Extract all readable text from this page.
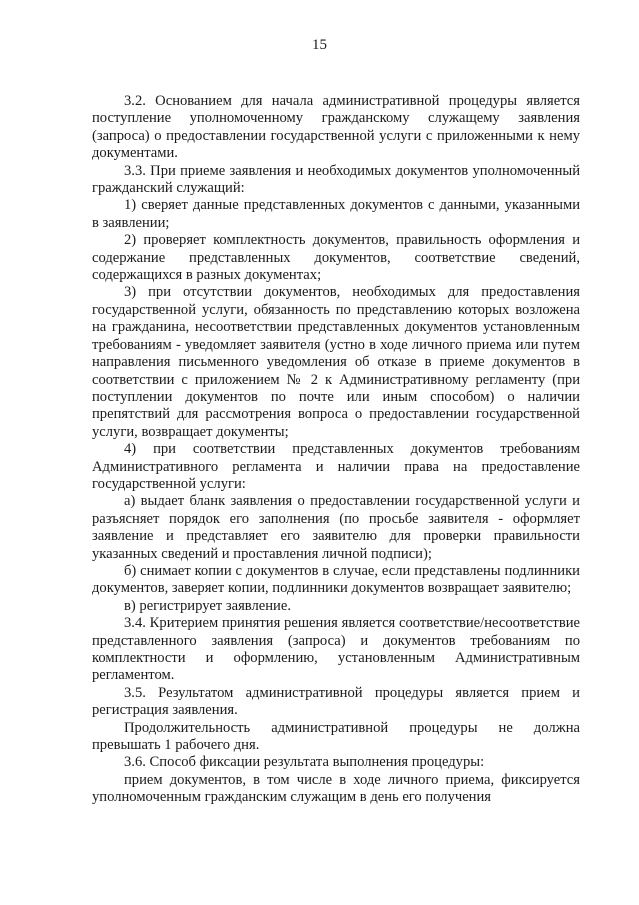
15

3.2. Основанием для начала административной процедуры является поступление уполномоченному гражданскому служащему заявления (запроса) о предоставлении государственной услуги с приложенными к нему документами.

3.3. При приеме заявления и необходимых документов уполномоченный гражданский служащий:

1) сверяет данные представленных документов с данными, указанными в заявлении;

2) проверяет комплектность документов, правильность оформления и содержание представленных документов, соответствие сведений, содержащихся в разных документах;

3) при отсутствии документов, необходимых для предоставления государственной услуги, обязанность по представлению которых возложена на гражданина, несоответствии представленных документов установленным требованиям - уведомляет заявителя (устно в ходе личного приема или путем направления письменного уведомления об отказе в приеме документов в соответствии с приложением № 2 к Административному регламенту (при поступлении документов по почте или иным способом) о наличии препятствий для рассмотрения вопроса о предоставлении государственной услуги, возвращает документы;

4) при соответствии представленных документов требованиям Административного регламента и наличии права на предоставление государственной услуги:

а) выдает бланк заявления о предоставлении государственной услуги и разъясняет порядок его заполнения (по просьбе заявителя - оформляет заявление и представляет его заявителю для проверки правильности указанных сведений и проставления личной подписи);

б) снимает копии с документов в случае, если представлены подлинники документов, заверяет копии, подлинники документов возвращает заявителю;

в) регистрирует заявление.

3.4. Критерием принятия решения является соответствие/несоответствие представленного заявления (запроса) и документов требованиям по комплектности и оформлению, установленным Административным регламентом.

3.5. Результатом административной процедуры является прием и регистрация заявления.

Продолжительность административной процедуры не должна превышать 1 рабочего дня.

3.6. Способ фиксации результата выполнения процедуры:

прием документов, в том числе в ходе личного приема, фиксируется уполномоченным гражданским служащим в день его получения
